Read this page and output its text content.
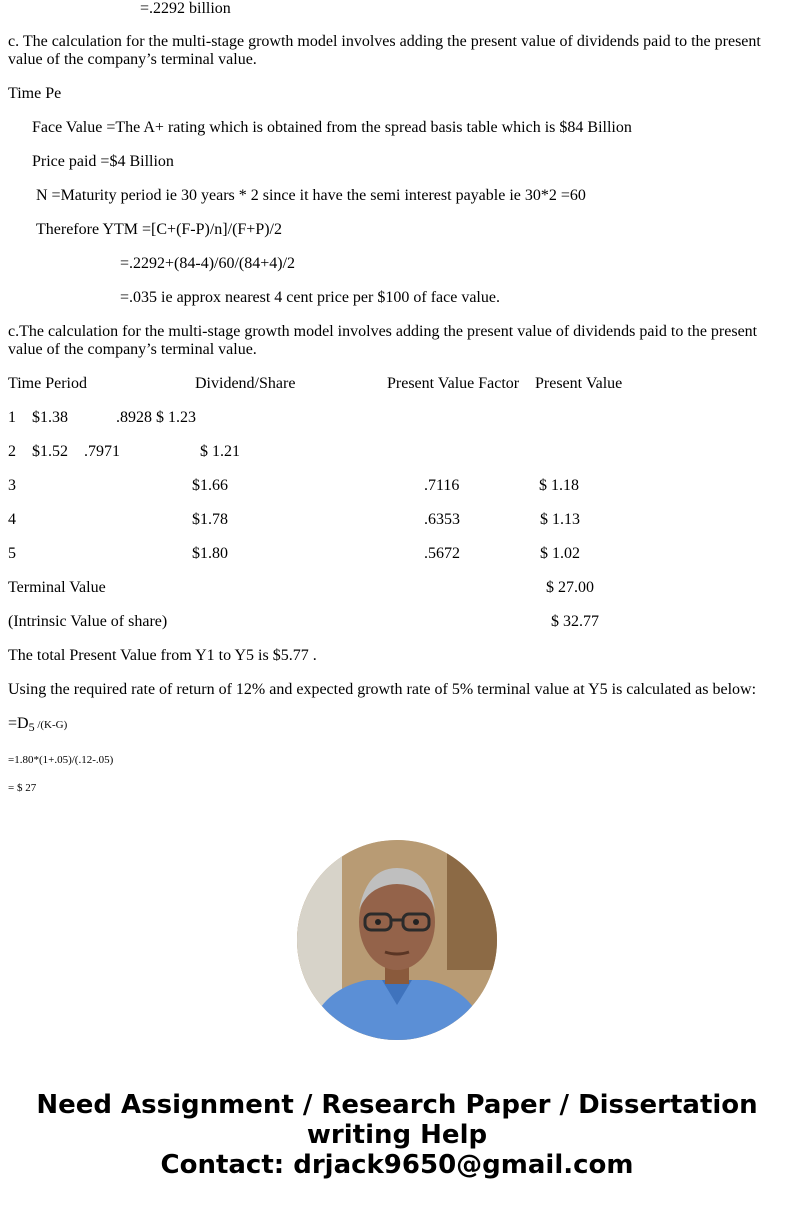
=.2292 billion
c. The calculation for the multi-stage growth model involves adding the present value of dividends paid to the present value of the company’s terminal value.
Time Pe
Face Value =The A+ rating which is obtained from the spread basis table which is $84 Billion
Price paid =$4 Billion
N =Maturity period ie 30 years * 2 since it have the semi interest payable ie 30*2 =60
Therefore YTM =[C+(F-P)/n]/(F+P)/2
=.2292+(84-4)/60/(84+4)/2
=.035 ie approx nearest 4 cent price per $100 of face value.
c.The calculation for the multi-stage growth model involves adding the present value of dividends paid to the present value of the company’s terminal value.
Time Period	Dividend/Share	Present Value Factor Present Value
1    $1.38            .8928 $ 1.23
2    $1.52    .7971                    $ 1.21
3	$1.66	.7116	$ 1.18
4	$1.78	.6353	$ 1.13
5	$1.80	.5672	$ 1.02
Terminal Value	$ 27.00
(Intrinsic Value of share)	$ 32.77
The total Present Value from Y1 to Y5 is $5.77 .
Using the required rate of return of 12% and expected growth rate of 5% terminal value at Y5 is calculated as below:
$=D_5$ /(K-G)
=1.80*(1+.05)/(.12-.05)
= $ 27
Need Assignment / Research Paper / Dissertation
writing Help
Contact: drjack9650@gmail.com
